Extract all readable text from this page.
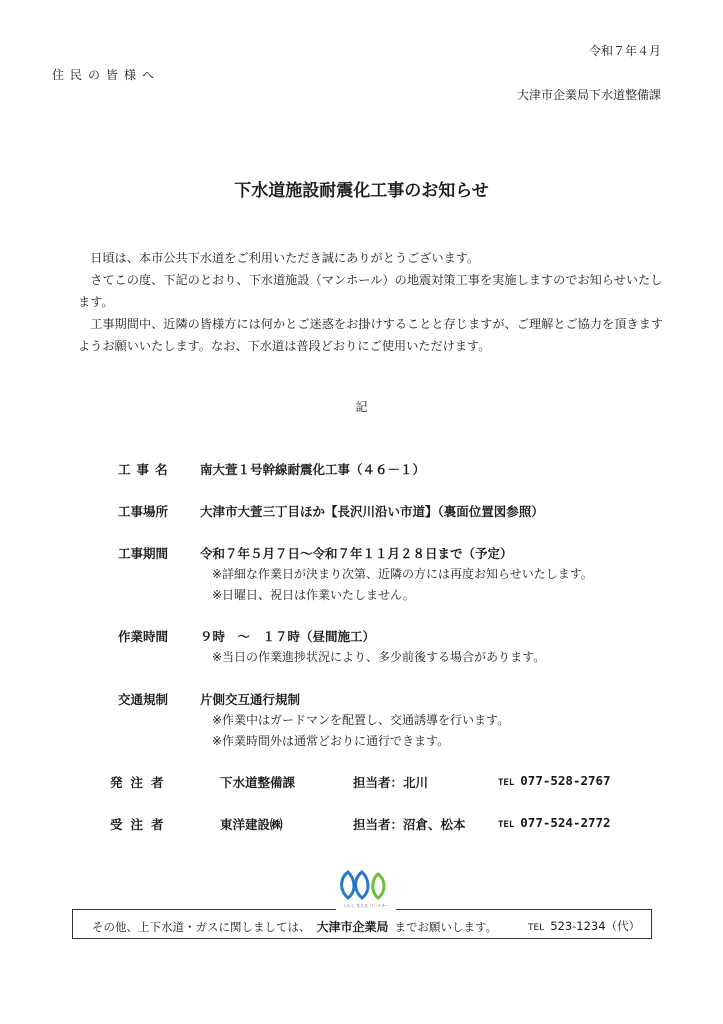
令和７年４月
住民の皆様へ
大津市企業局下水道整備課
下水道施設耐震化工事のお知らせ

日頃は、本市公共下水道をご利用いただき誠にありがとうございます。

さてこの度、下記のとおり、下水道施設（マンホール）の地震対策工事を実施しますのでお知らせいたします。

工事期間中、近隣の皆様方には何かとご迷惑をお掛けすることと存じますが、ご理解とご協力を頂きますようお願いいたします。なお、下水道は普段どおりにご使用いただけます。

記
工事名 南大萱１号幹線耐震化工事（４６－１）
工事場所	大津市大萱三丁目ほか【長沢川沿い市道】（裏面位置図参照）
工事期間	令和７年５月７日～令和７年１１月２８日まで（予定）
※詳細な作業日が決まり次第、近隣の方には再度お知らせいたします。
※日曜日、祝日は作業いたしません。
作業時間	９時　～　１７時（昼間施工）
※当日の作業進捗状況により、多少前後する場合があります。
交通規制	片側交互通行規制
※作業中はガードマンを配置し、交通誘導を行います。
※作業時間外は通常どおりに通行できます。
発注者	下水道整備課	担当者：北川	TEL 077-528-2767
受注者	東洋建設㈱	担当者：沼倉、松本	TEL 077-524-2772
くらし 支える パートナー
その他、上下水道・ガスに関しましては、 大津市企業局 までお願いします。	TEL 523-1234（代）
